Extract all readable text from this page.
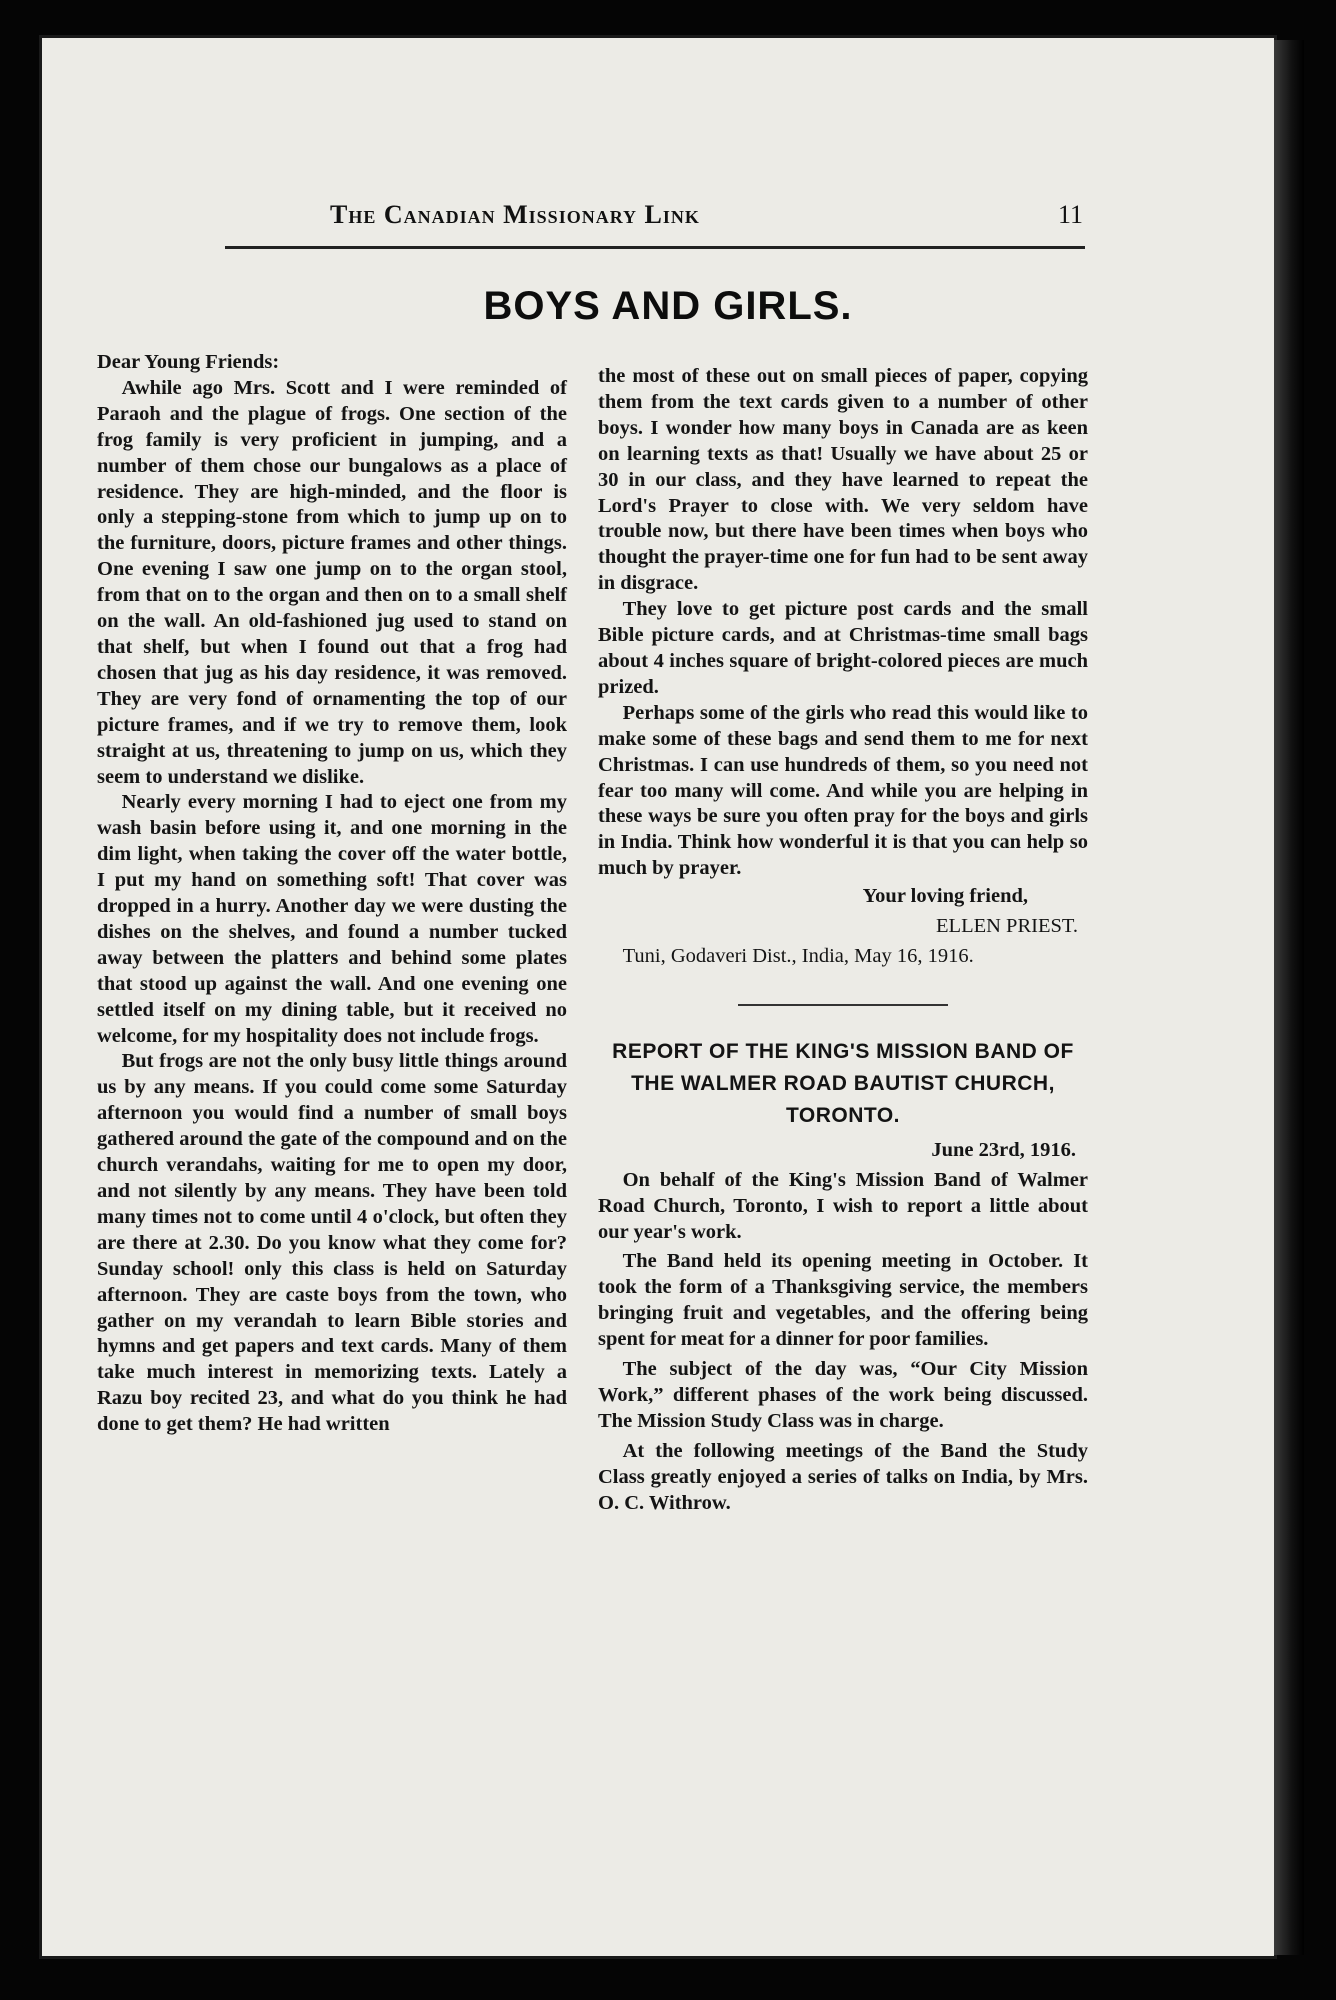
The Canadian Missionary Link	11
BOYS AND GIRLS.

Dear Young Friends:

Awhile ago Mrs. Scott and I were reminded of Paraoh and the plague of frogs. One section of the frog family is very proficient in jumping, and a number of them chose our bungalows as a place of residence. They are high-minded, and the floor is only a stepping-stone from which to jump up on to the furniture, doors, picture frames and other things. One evening I saw one jump on to the organ stool, from that on to the organ and then on to a small shelf on the wall. An old-fashioned jug used to stand on that shelf, but when I found out that a frog had chosen that jug as his day residence, it was removed. They are very fond of ornamenting the top of our picture frames, and if we try to remove them, look straight at us, threatening to jump on us, which they seem to understand we dislike.

Nearly every morning I had to eject one from my wash basin before using it, and one morning in the dim light, when taking the cover off the water bottle, I put my hand on something soft! That cover was dropped in a hurry. Another day we were dusting the dishes on the shelves, and found a number tucked away between the platters and behind some plates that stood up against the wall. And one evening one settled itself on my dining table, but it received no welcome, for my hospitality does not include frogs.

But frogs are not the only busy little things around us by any means. If you could come some Saturday afternoon you would find a number of small boys gathered around the gate of the compound and on the church verandahs, waiting for me to open my door, and not silently by any means. They have been told many times not to come until 4 o'clock, but often they are there at 2.30. Do you know what they come for? Sunday school! only this class is held on Saturday afternoon. They are caste boys from the town, who gather on my verandah to learn Bible stories and hymns and get papers and text cards. Many of them take much interest in memorizing texts. Lately a Razu boy recited 23, and what do you think he had done to get them? He had written

the most of these out on small pieces of paper, copying them from the text cards given to a number of other boys. I wonder how many boys in Canada are as keen on learning texts as that! Usually we have about 25 or 30 in our class, and they have learned to repeat the Lord's Prayer to close with. We very seldom have trouble now, but there have been times when boys who thought the prayer-time one for fun had to be sent away in disgrace.

They love to get picture post cards and the small Bible picture cards, and at Christmas-time small bags about 4 inches square of bright-colored pieces are much prized.

Perhaps some of the girls who read this would like to make some of these bags and send them to me for next Christmas. I can use hundreds of them, so you need not fear too many will come. And while you are helping in these ways be sure you often pray for the boys and girls in India. Think how wonderful it is that you can help so much by prayer.

Your loving friend,

ELLEN PRIEST.

Tuni, Godaveri Dist., India, May 16, 1916.

REPORT OF THE KING'S MISSION BAND OF THE WALMER ROAD BAUTIST CHURCH, TORONTO.

June 23rd, 1916.

On behalf of the King's Mission Band of Walmer Road Church, Toronto, I wish to report a little about our year's work.

The Band held its opening meeting in October. It took the form of a Thanksgiving service, the members bringing fruit and vegetables, and the offering being spent for meat for a dinner for poor families.

The subject of the day was, “Our City Mission Work,” different phases of the work being discussed. The Mission Study Class was in charge.

At the following meetings of the Band the Study Class greatly enjoyed a series of talks on India, by Mrs. O. C. Withrow.
